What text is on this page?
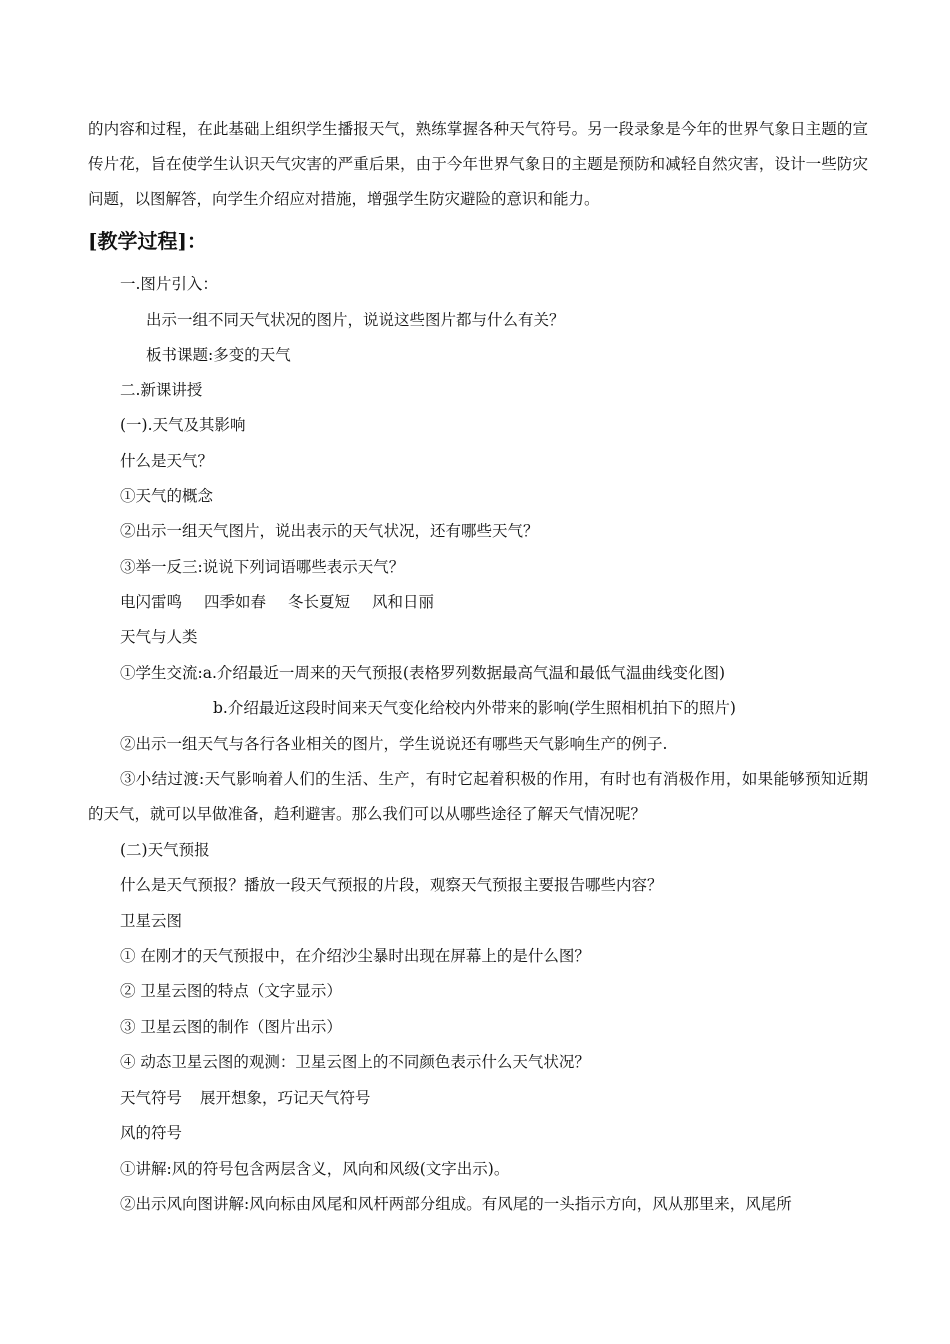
的内容和过程，在此基础上组织学生播报天气，熟练掌握各种天气符号。另一段录象是今年的世界气象日主题的宣传片花，旨在使学生认识天气灾害的严重后果，由于今年世界气象日的主题是预防和减轻自然灾害，设计一些防灾问题，以图解答，向学生介绍应对措施，增强学生防灾避险的意识和能力。
[教学过程]：
一.图片引入：
出示一组不同天气状况的图片，说说这些图片都与什么有关？
板书课题:多变的天气
二.新课讲授
(一).天气及其影响
什么是天气？
①天气的概念
②出示一组天气图片，说出表示的天气状况，还有哪些天气？
③举一反三:说说下列词语哪些表示天气？
电闪雷鸣 四季如春 冬长夏短 风和日丽
天气与人类
①学生交流:a.介绍最近一周来的天气预报(表格罗列数据最高气温和最低气温曲线变化图)
b.介绍最近这段时间来天气变化给校内外带来的影响(学生照相机拍下的照片)
②出示一组天气与各行各业相关的图片，学生说说还有哪些天气影响生产的例子.
③小结过渡:天气影响着人们的生活、生产，有时它起着积极的作用，有时也有消极作用，如果能够预知近期的天气，就可以早做准备，趋利避害。那么我们可以从哪些途径了解天气情况呢？
(二)天气预报
什么是天气预报？播放一段天气预报的片段，观察天气预报主要报告哪些内容？
卫星云图
① 在刚才的天气预报中，在介绍沙尘暴时出现在屏幕上的是什么图？
② 卫星云图的特点（文字显示）
③ 卫星云图的制作（图片出示）
④ 动态卫星云图的观测：卫星云图上的不同颜色表示什么天气状况？
天气符号 展开想象，巧记天气符号
风的符号
①讲解:风的符号包含两层含义，风向和风级(文字出示)。
②出示风向图讲解:风向标由风尾和风杆两部分组成。有风尾的一头指示方向，风从那里来，风尾所
